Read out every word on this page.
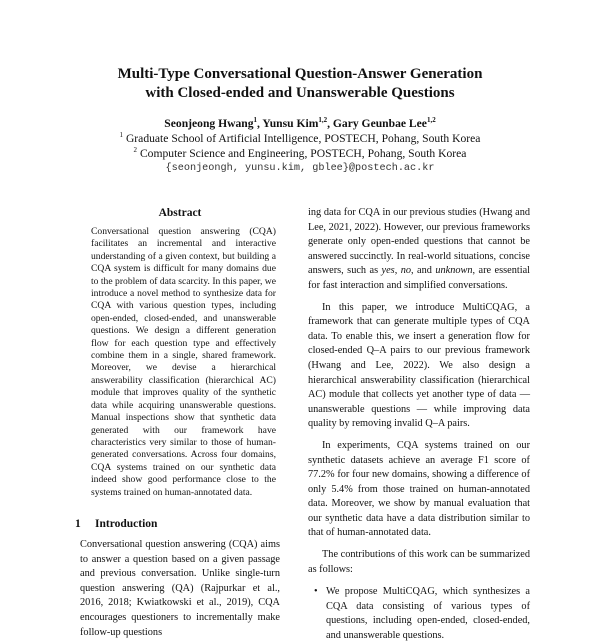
Multi-Type Conversational Question-Answer Generation
with Closed-ended and Unanswerable Questions
Seonjeong Hwang$^1$, Yunsu Kim$^{1,2}$, Gary Geunbae Lee$^{1,2}$
$^1$ Graduate School of Artificial Intelligence, POSTECH, Pohang, South Korea
$^2$ Computer Science and Engineering, POSTECH, Pohang, South Korea
{seonjeongh, yunsu.kim, gblee}@postech.ac.kr
Abstract

Conversational question answering (CQA) facilitates an incremental and interactive understanding of a given context, but building a CQA system is difficult for many domains due to the problem of data scarcity. In this paper, we introduce a novel method to synthesize data for CQA with various question types, including open-ended, closed-ended, and unanswerable questions. We design a different generation flow for each question type and effectively combine them in a single, shared framework. Moreover, we devise a hierarchical answerability classification (hierarchical AC) module that improves quality of the synthetic data while acquiring unanswerable questions. Manual inspections show that synthetic data generated with our framework have characteristics very similar to those of human-generated conversations. Across four domains, CQA systems trained on our synthetic data indeed show good performance close to the systems trained on human-annotated data.

1 Introduction

Conversational question answering (CQA) aims to answer a question based on a given passage and previous conversation. Unlike single-turn question answering (QA) (Rajpurkar et al., 2016, 2018; Kwiatkowski et al., 2019), CQA encourages questioners to incrementally make follow-up questions

ing data for CQA in our previous studies (Hwang and Lee, 2021, 2022). However, our previous frameworks generate only open-ended questions that cannot be answered succinctly. In real-world situations, concise answers, such as yes, no, and unknown, are essential for fast interaction and simplified conversations.

In this paper, we introduce MultiCQAG, a framework that can generate multiple types of CQA data. To enable this, we insert a generation flow for closed-ended Q–A pairs to our previous framework (Hwang and Lee, 2022). We also design a hierarchical answerability classification (hierarchical AC) module that collects yet another type of data — unanswerable questions — while improving data quality by removing invalid Q–A pairs.

In experiments, CQA systems trained on our synthetic datasets achieve an average F1 score of 77.2% for four new domains, showing a difference of only 5.4% from those trained on human-annotated data. Moreover, we show by manual evaluation that our synthetic data have a data distribution similar to that of human-annotated data.

The contributions of this work can be summarized as follows:

• We propose MultiCQAG, which synthesizes a CQA data consisting of various types of questions, including open-ended, closed-ended, and unanswerable questions.
